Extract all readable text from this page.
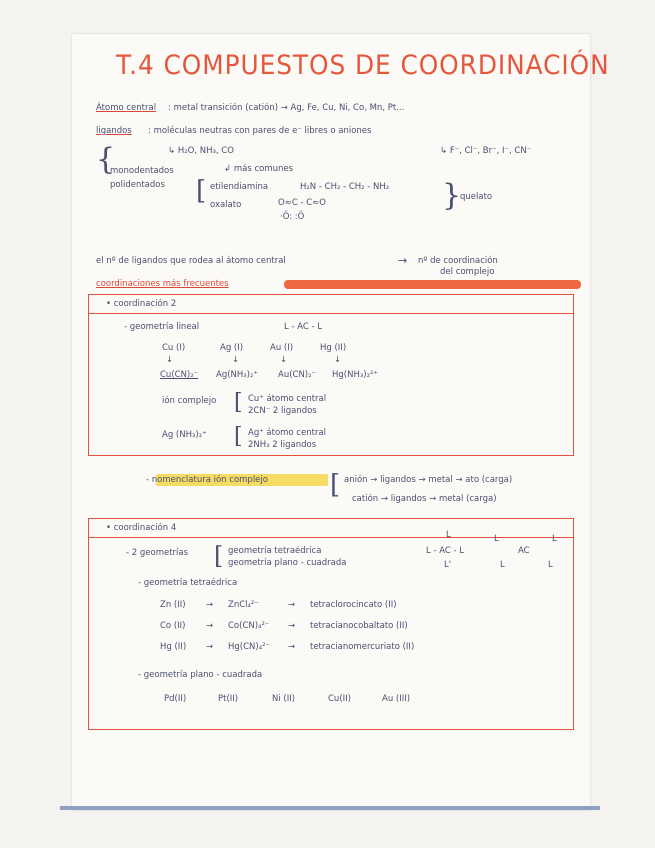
T.4 COMPUESTOS DE COORDINACIÓN
Átomo central : metal transición (catión) → Ag, Fe, Cu, Ni, Co, Mn, Pt...
ligandos : moléculas neutras con pares de e⁻ libres o aniones
↳ H₂O, NH₃, CO	↳ F⁻, Cl⁻, Br⁻, I⁻, CN⁻
{
monodentados	↲ más comunes
polidentados [ etilendiamina	H₂N - CH₂ - CH₂ - NH₂
oxalato	O≈C - C≈O
·Ö: :Ö
}
quelato
el nº de ligandos que rodea al átomo central	→ nº de coordinación
del complejo
coordinaciones más frecuentes
• coordinación 2
- geometría lineal	L - AC - L
Cu (I)	Ag (I)	Au (I)	Hg (II)
↓	↓	↓	↓
Cu(CN)₂⁻ Ag(NH₃)₂⁺ Au(CN)₂⁻ Hg(NH₃)₂²⁺
ión complejo [ Cu⁺ átomo central
2CN⁻ 2 ligandos
Ag (NH₃)₂⁺ [ Ag⁺ átomo central
2NH₃ 2 ligandos
- nomenclatura ión complejo [ anión → ligandos → metal → ato (carga)
catión → ligandos → metal (carga)
• coordinación 4
- 2 geometrías [ geometría tetraédrica
geometría plano - cuadrada
L
L - AC - L
L'
L	L
AC
L	L
- geometría tetraédrica
Zn (II) → ZnCl₄²⁻	→ tetraclorocincato (II)
Co (II) → Co(CN)₄²⁻ → tetracianocobaltato (II)
Hg (II) → Hg(CN)₄²⁻ → tetracianomercuriato (II)
- geometría plano - cuadrada
Pd(II)	Pt(II)	Ni (II)	Cu(II)	Au (III)
